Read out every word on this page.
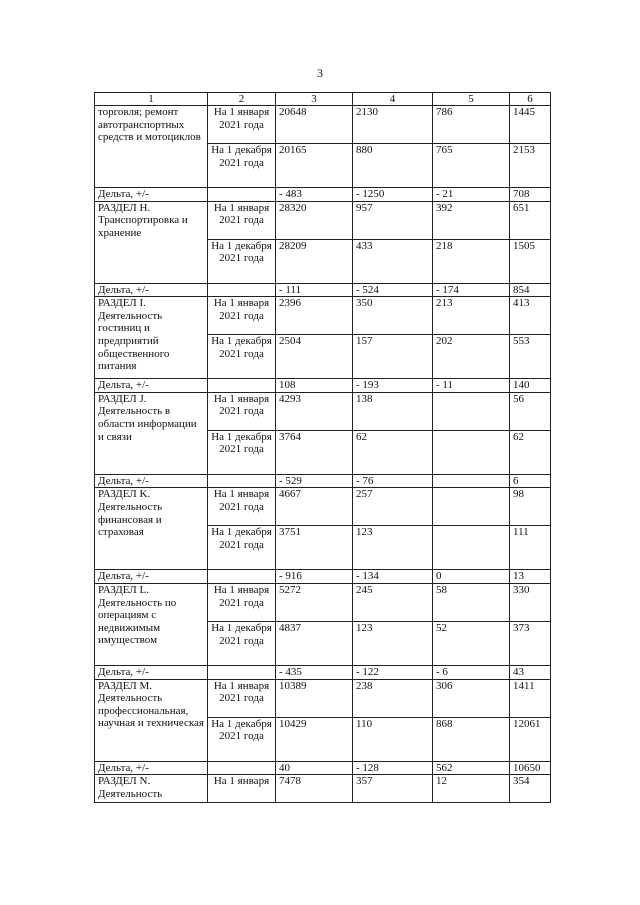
3
1	2	3	4	5	6
торговля; ремонт автотранспортных средств и мотоциклов	На 1 января 2021 года	20648	2130	786	1445
	На 1 декабря 2021 года	20165	880	765	2153
Дельта, +/-		- 483	- 1250	- 21	708
РАЗДЕЛ Н. Транспортировка и хранение	На 1 января 2021 года	28320	957	392	651
	На 1 декабря 2021 года	28209	433	218	1505
Дельта, +/-		- 111	- 524	- 174	854
РАЗДЕЛ I. Деятельность гостиниц и предприятий общественного питания	На 1 января 2021 года	2396	350	213	413
	На 1 декабря 2021 года	2504	157	202	553
Дельта, +/-		108	- 193	- 11	140
РАЗДЕЛ J. Деятельность в области информации и связи	На 1 января 2021 года	4293	138		56
	На 1 декабря 2021 года	3764	62		62
Дельта, +/-		- 529	- 76		6
РАЗДЕЛ K. Деятельность финансовая и страховая	На 1 января 2021 года	4667	257		98
	На 1 декабря 2021 года	3751	123		111
Дельта, +/-		- 916	- 134	0	13
РАЗДЕЛ L. Деятельность по операциям с недвижимым имуществом	На 1 января 2021 года	5272	245	58	330
	На 1 декабря 2021 года	4837	123	52	373
Дельта, +/-		- 435	- 122	- 6	43
РАЗДЕЛ M. Деятельность профессиональная, научная и техническая	На 1 января 2021 года	10389	238	306	1411
	На 1 декабря 2021 года	10429	110	868	12061
Дельта, +/-		40	- 128	562	10650
РАЗДЕЛ N. Деятельность	На 1 января	7478	357	12	354
